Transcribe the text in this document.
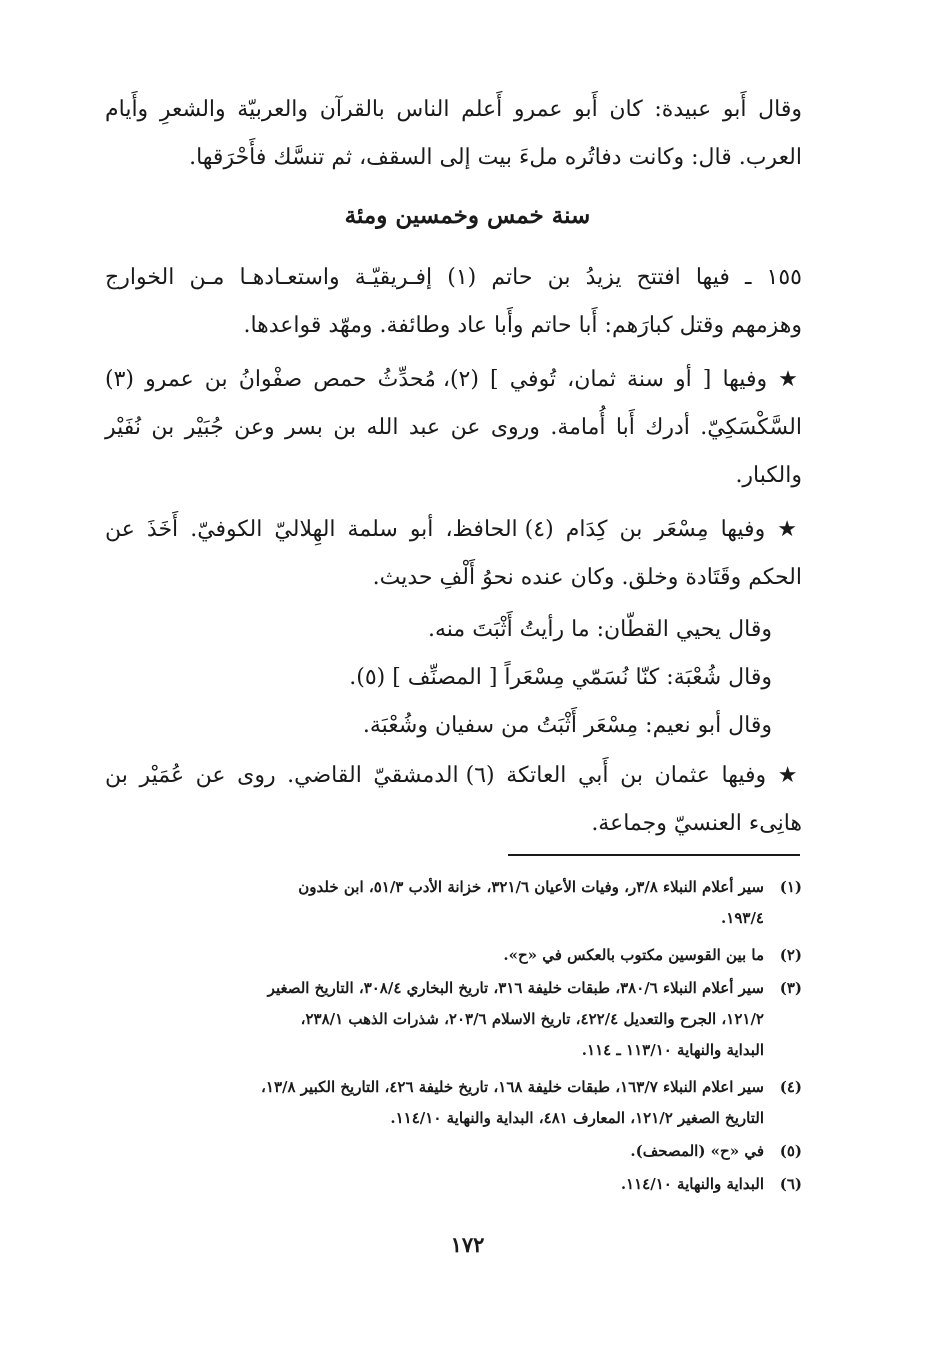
وقال أَبو عبيدة: كان أَبو عمرو أَعلم الناس بالقرآن والعربيّة والشعرِ وأَيام
العرب. قال: وكانت دفاتُره ملءَ بيت إلى السقف، ثم تنسَّك فأَحْرَقها.
سنة خمس وخمسين ومئة
١٥٥ ـ فيها افتتح يزيدُ بن حاتم (١) إفـريقيّـة واستعـادهـا مـن الخوارج
وهزمهم وقتل كبارَهم: أَبا حاتم وأَبا عاد وطائفة. ومهّد قواعدها.
★ وفيها [ أو سنة ثمان، تُوفي ] (٢)، مُحدِّثُ حمص صفْوانُ بن عمرو (٣)
السَّكْسَكِيّ. أدرك أَبا أُمامة. وروى عن عبد الله بن بسر وعن جُبَيْر بن نُفَيْر
والكبار.
★ وفيها مِسْعَر بن كِدَام (٤) الحافظ، أبو سلمة الهِلاليّ الكوفيّ. أَخَذَ عن
الحكم وقَتَادة وخلق. وكان عنده نحوُ أَلْفِ حديث.
وقال يحيي القطّان: ما رأيتُ أَثْبَتَ منه.
وقال شُعْبَة: كنّا نُسَمّي مِسْعَراً [ المصنِّف ] (٥).
وقال أبو نعيم: مِسْعَر أَثْبَتُ من سفيان وشُعْبَة.
★ وفيها عثمان بن أَبي العاتكة (٦) الدمشقيّ القاضي. روى عن عُمَيْر بن
هانِىء العنسيّ وجماعة.
(١)سير أعلام النبلاء ٣/٨ر، وفيات الأعيان ٣٢١/٦، خزانة الأدب ٥١/٣، ابن خلدون
١٩٣/٤.
(٢)ما بين القوسين مكتوب بالعكس في «ح».
(٣)سير أعلام النبلاء ٣٨٠/٦، طبقات خليفة ٣١٦، تاريخ البخاري ٣٠٨/٤، التاريخ الصغير
١٢١/٢، الجرح والتعديل ٤٢٢/٤، تاريخ الاسلام ٢٠٣/٦، شذرات الذهب ٢٣٨/١،
البداية والنهاية ١١٣/١٠ ـ ١١٤.
(٤)سير اعلام النبلاء ١٦٣/٧، طبقات خليفة ١٦٨، تاريخ خليفة ٤٢٦، التاريخ الكبير ١٣/٨،
التاريخ الصغير ١٢١/٢، المعارف ٤٨١، البداية والنهاية ١١٤/١٠.
(٥)في «ح» (المصحف).
(٦)البداية والنهاية ١١٤/١٠.
١٧٢
